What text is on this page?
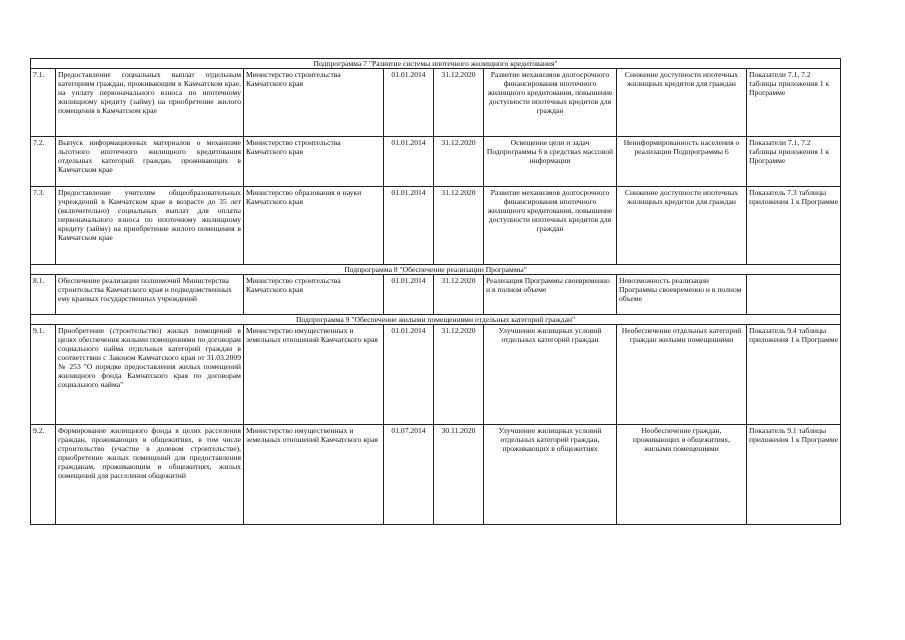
Подпрограмма 7 "Развитие системы ипотечного жилищного кредитования"							
7.1.	Предоставление социальных выплат отдельным категориям граждан, проживающим в Камчатском крае, на уплату первоначального взноса по ипотечному жилищному кредиту (займу) на приобретение жилого помещения в Камчатском крае	Министерство строительства Камчатского края	01.01.2014	31.12.2020	Развитие механизмов долгосрочного финансирования ипотечного жилищного кредитования, повышение доступности ипотечных кредитов для граждан	Снижение доступности ипотечных жилищных кредитов для граждан	Показатели 7.1, 7.2 таблицы приложения 1 к Программе
7.2.	Выпуск информационных материалов о механизме льготного ипотечного жилищного кредитования отдельных категорий граждан, проживающих в Камчатском крае	Министерство строительства Камчатского края	01.01.2014	31.12.2020	Освещение цели и задач Подпрограммы 6 в средствах массовой информации	Неинформированность населения о реализации Подпрограммы 6	Показатели 7.1, 7.2 таблицы приложения 1 к Программе
7.3.	Предоставление учителям общеобразовательных учреждений в Камчатском крае в возрасте до 35 лет (включительно) социальных выплат для оплаты первоначального взноса по ипотечному жилищному кредиту (займу) на приобретение жилого помещения в Камчатском крае	Министерство образования и науки Камчатского края	01.01.2014	31.12.2020	Развитие механизмов долгосрочного финансирования ипотечного жилищного кредитования, повышение доступности ипотечных кредитов для граждан	Снижение доступности ипотечных жилищных кредитов для граждан	Показатель 7.3 таблицы приложения 1 к Программе
Подпрограмма 8 "Обеспечение реализации Программы"							
8.1.	Обеспечение реализации полномочий Министерства строительства Камчатского края и подведомственных ему краевых государственных учреждений	Министерство строительства Камчатского края	01.01.2014	31.12.2020	Реализация Программы своевременно и в полном объеме	Невозможность реализации Программы своевременно и в полном объеме	
Подпрограмма 9 "Обеспечение жилыми помещениями отдельных категорий граждан"							
9.1.	Приобретение (строительство) жилых помещений в целях обеспечения жилыми помещениями по договорам социального найма отдельных категорий граждан в соответствии с Законом Камчатского края от 31.03.2009 № 253 "О порядке предоставления жилых помещений жилищного фонда Камчатского края по договорам социального найма"	Министерство имущественных и земельных отношений Камчатского края	01.01.2014	31.12.2020	Улучшение жилищных условий отдельных категорий граждан	Необеспечение отдельных категорий граждан жилыми помещениями	Показатель 9.4 таблицы приложения 1 к Программе
9.2.	Формирование жилищного фонда в целях расселения граждан, проживающих в общежитиях, в том числе строительство (участие в долевом строительстве), приобретение жилых помещений для предоставления гражданам, проживающим в общежитиях, жилых помещений для расселения общежитий	Министерство имущественных и земельных отношений Камчатского края	01.07.2014	30.11.2020	Улучшение жилищных условий отдельных категорий граждан, проживающих в общежитиях	Необеспечение граждан, проживающих в общежитиях, жилыми помещениями	Показатель 9.1 таблицы приложения 1 к Программе
